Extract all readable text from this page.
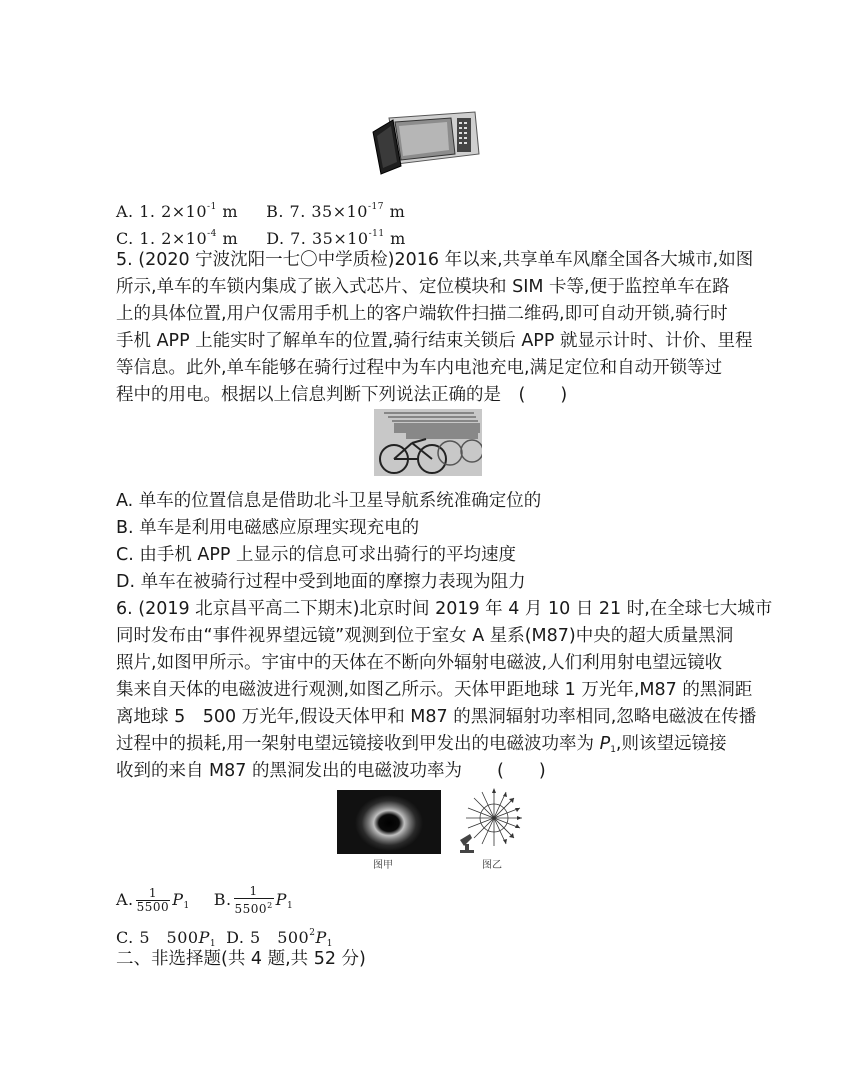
A. 1. $2\times 10^{-1}$ m B. 7. $35\times 10^{-17}$ m
C. 1. $2\times 10^{-4}$ m D. 7. $35\times 10^{-11}$ m
5. (2020 宁波沈阳一七〇中学质检)2016 年以来,共享单车风靡全国各大城市,如图
所示,单车的车锁内集成了嵌入式芯片、定位模块和 SIM 卡等,便于监控单车在路
上的具体位置,用户仅需用手机上的客户端软件扫描二维码,即可自动开锁,骑行时
手机 APP 上能实时了解单车的位置,骑行结束关锁后 APP 就显示计时、计价、里程
等信息。此外,单车能够在骑行过程中为车内电池充电,满足定位和自动开锁等过
程中的用电。根据以上信息判断下列说法正确的是　(　　)
A. 单车的位置信息是借助北斗卫星导航系统准确定位的
B. 单车是利用电磁感应原理实现充电的
C. 由手机 APP 上显示的信息可求出骑行的平均速度
D. 单车在被骑行过程中受到地面的摩擦力表现为阻力
6. (2019 北京昌平高二下期末)北京时间 2019 年 4 月 10 日 21 时,在全球七大城市
同时发布由“事件视界望远镜”观测到位于室女 A 星系(M87)中央的超大质量黑洞
照片,如图甲所示。宇宙中的天体在不断向外辐射电磁波,人们利用射电望远镜收
集来自天体的电磁波进行观测,如图乙所示。天体甲距地球 1 万光年,M87 的黑洞距
离地球 5　500 万光年,假设天体甲和 M87 的黑洞辐射功率相同,忽略电磁波在传播
过程中的损耗,用一架射电望远镜接收到甲发出的电磁波功率为 $P_1$,则该望远镜接
收到的来自 M87 的黑洞发出的电磁波功率为　　(　　)
图甲	图乙
A. $\frac{1}{5500} P_1$ B. $\frac{1}{5500^2} P_1$
C. 5　$500P_1$ D. 5　$500^2P_1$
二、非选择题(共 4 题,共 52 分)
